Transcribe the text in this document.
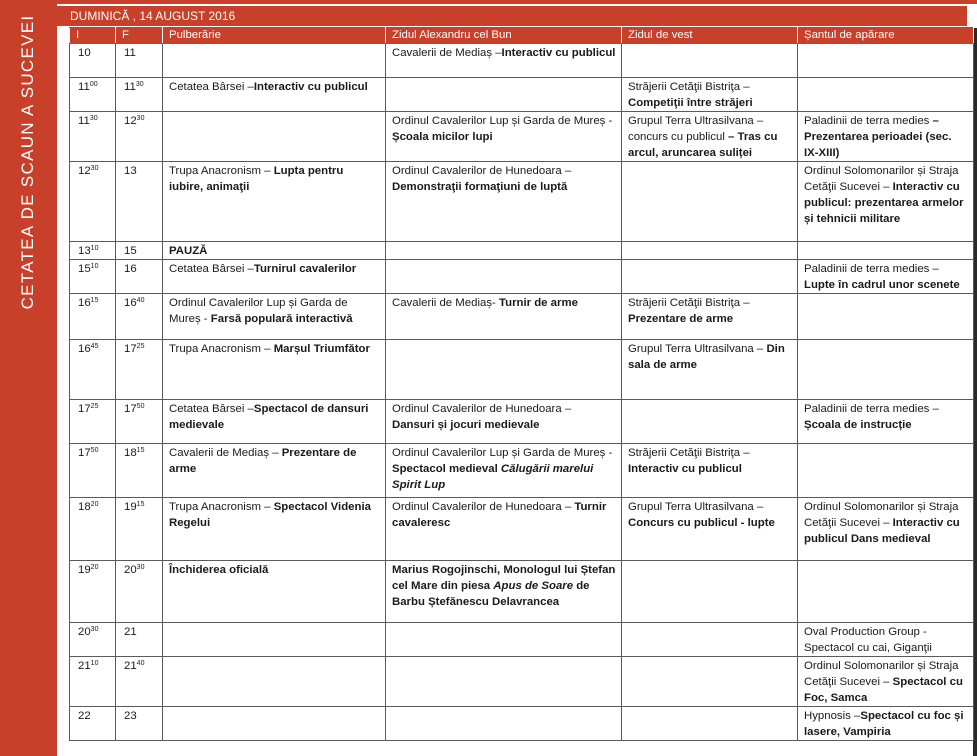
CETATEA DE SCAUN A SUCEVEI	DUMINICĂ , 14 AUGUST 2016
I	F	Pulberărie	Zidul Alexandru cel Bun	Zidul de vest	Șantul de apărare
10	11		Cavalerii de Mediaș –Interactiv cu publicul		
$11^{00}$	$11^{30}$	Cetatea Bârsei –Interactiv cu publicul		Străjerii Cetăţii Bistriţa – Competiţii între străjeri	
$11^{30}$	$12^{30}$		Ordinul Cavalerilor Lup și Garda de Mureș - Școala micilor lupi	Grupul Terra Ultrasilvana – concurs cu publicul – Tras cu arcul, aruncarea suliței	Paladinii de terra medies – Prezentarea perioadei (sec. IX-XIII)
$12^{30}$	13	Trupa Anacronism – Lupta pentru iubire, animaţii	Ordinul Cavalerilor de Hunedoara – Demonstraţii formaţiuni de luptă		Ordinul Solomonarilor și Straja Cetăţii Sucevei – Interactiv cu publicul: prezentarea armelor și tehnicii militare
$13^{10}$	15	PAUZĂ			
$15^{10}$	16	Cetatea Bârsei –Turnirul cavalerilor			Paladinii de terra medies – Lupte în cadrul unor scenete
$16^{15}$	$16^{40}$	Ordinul Cavalerilor Lup și Garda de Mureș - Farsă populară interactivă	Cavalerii de Mediaș- Turnir de arme	Străjerii Cetăţii Bistriţa – Prezentare de arme	
$16^{45}$	$17^{25}$	Trupa Anacronism – Marșul Triumfător		Grupul Terra Ultrasilvana – Din sala de arme	
$17^{25}$	$17^{50}$	Cetatea Bârsei –Spectacol de dansuri medievale	Ordinul Cavalerilor de Hunedoara – Dansuri și jocuri medievale		Paladinii de terra medies – Școala de instrucție
$17^{50}$	$18^{15}$	Cavalerii de Mediaș – Prezentare de arme	Ordinul Cavalerilor Lup și Garda de Mureș - Spectacol medieval Călugării marelui Spirit Lup	Străjerii Cetăţii Bistriţa – Interactiv cu publicul	
$18^{20}$	$19^{15}$	Trupa Anacronism – Spectacol Videnia Regelui	Ordinul Cavalerilor de Hunedoara – Turnir cavaleresc	Grupul Terra Ultrasilvana – Concurs cu publicul - lupte	Ordinul Solomonarilor și Straja Cetăţii Sucevei – Interactiv cu publicul Dans medieval
$19^{20}$	$20^{30}$	Închiderea oficială	Marius Rogojinschi, Monologul lui Ștefan cel Mare din piesa Apus de Soare de Barbu Ștefănescu Delavrancea		
$20^{30}$	21				Oval Production Group - Spectacol cu cai, Giganţii
$21^{10}$	$21^{40}$				Ordinul Solomonarilor și Straja Cetăţii Sucevei – Spectacol cu Foc, Samca
22	23				Hypnosis –Spectacol cu foc și lasere, Vampiria
